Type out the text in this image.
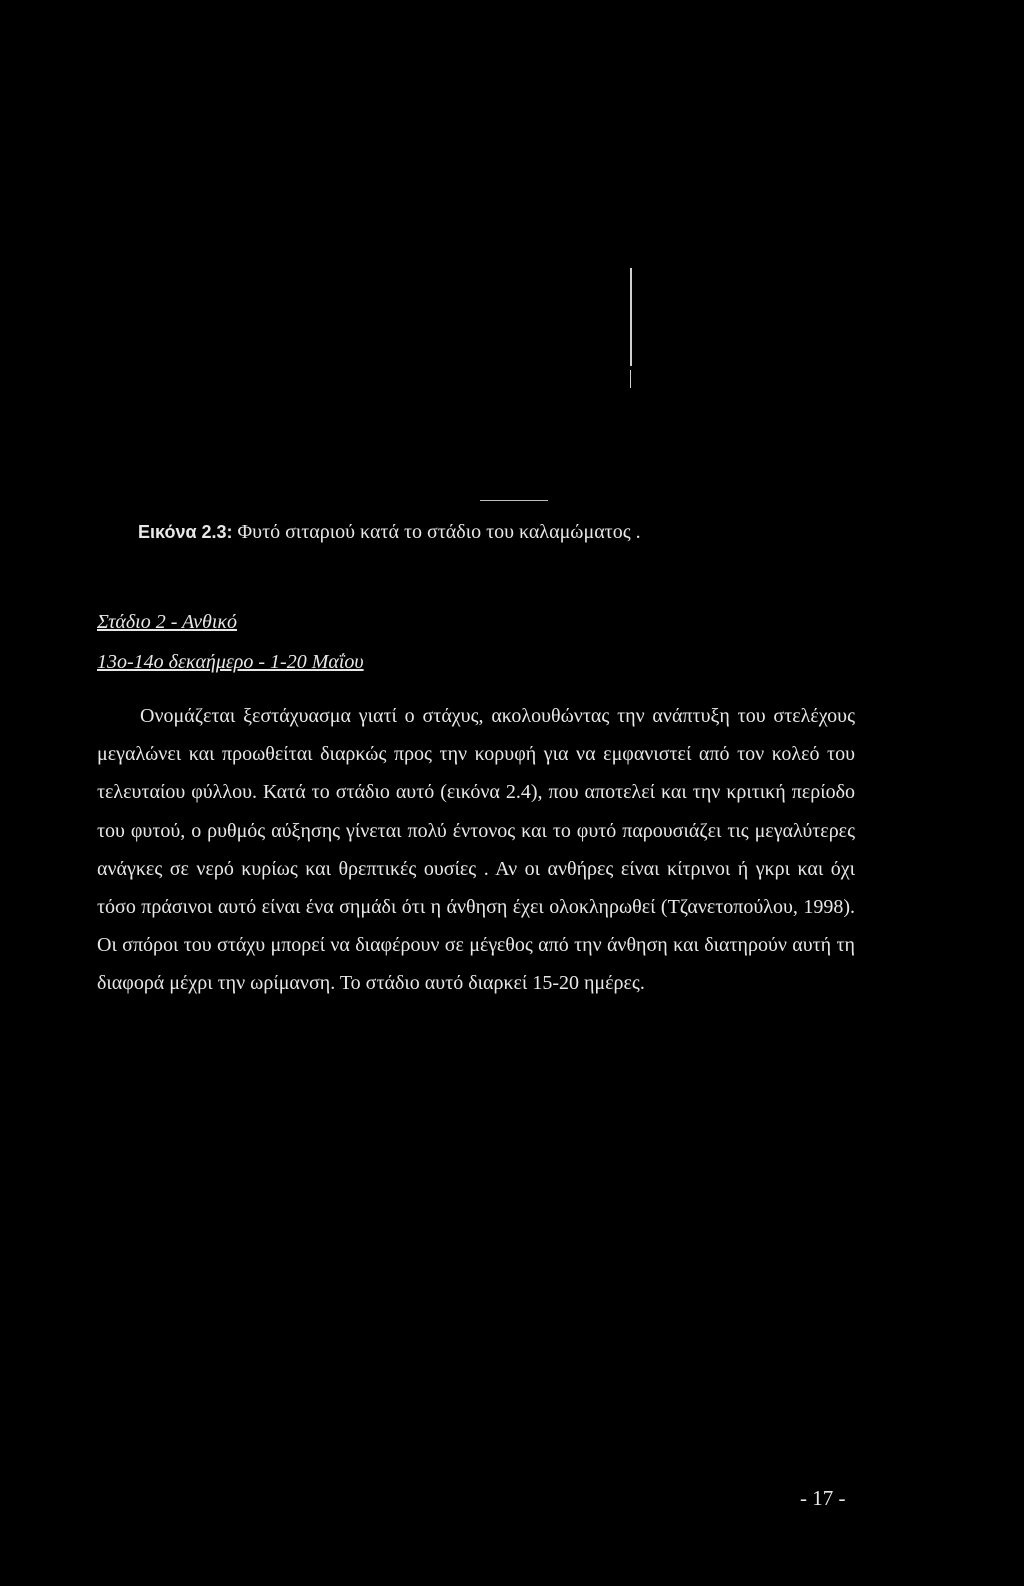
Εικόνα 2.3: Φυτό σιταριού κατά το στάδιο του καλαμώματος .
Στάδιο 2 - Ανθικό
13ο-14ο δεκαήμερο - 1-20 Μαΐου

Ονομάζεται ξεστάχυασμα γιατί ο στάχυς, ακολουθώντας την ανάπτυξη του στελέχους μεγαλώνει και προωθείται διαρκώς προς την κορυφή για να εμφανιστεί από τον κολεό του τελευταίου φύλλου. Κατά το στάδιο αυτό (εικόνα 2.4), που αποτελεί και την κριτική περίοδο του φυτού, ο ρυθμός αύξησης γίνεται πολύ έντονος και το φυτό παρουσιάζει τις μεγαλύτερες ανάγκες σε νερό κυρίως και θρεπτικές ουσίες . Αν οι ανθήρες είναι κίτρινοι ή γκρι και όχι τόσο πράσινοι αυτό είναι ένα σημάδι ότι η άνθηση έχει ολοκληρωθεί (Τζανετοπούλου, 1998). Οι σπόροι του στάχυ μπορεί να διαφέρουν σε μέγεθος από την άνθηση και διατηρούν αυτή τη διαφορά μέχρι την ωρίμανση. Το στάδιο αυτό διαρκεί 15-20 ημέρες.

- 17 -
